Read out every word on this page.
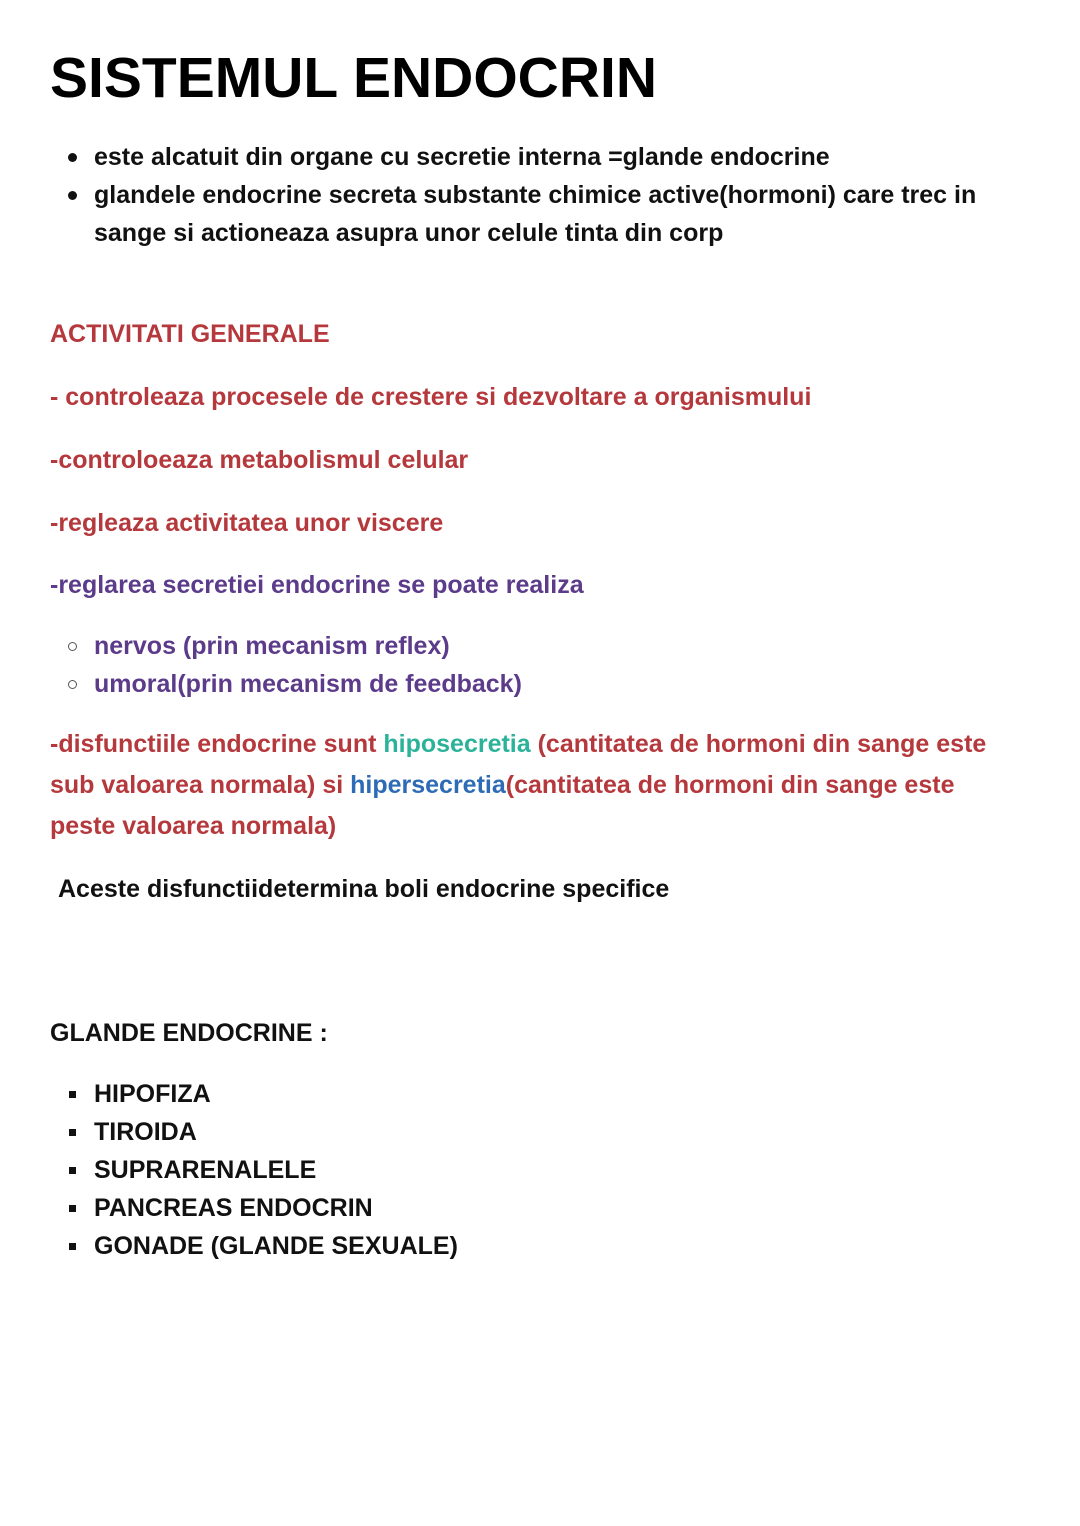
SISTEMUL ENDOCRIN
este alcatuit din organe cu secretie interna =glande endocrine
glandele endocrine secreta substante chimice active(hormoni) care trec in sange si actioneaza asupra unor celule tinta din corp
ACTIVITATI GENERALE
- controleaza procesele de crestere si dezvoltare a organismului
-controloeaza metabolismul celular
-regleaza activitatea unor viscere
-reglarea secretiei endocrine se poate realiza
nervos (prin mecanism reflex)
umoral(prin mecanism de feedback)
-disfunctiile endocrine sunt hiposecretia (cantitatea de hormoni din sange este sub valoarea normala) si hipersecretia(cantitatea de hormoni din sange este peste valoarea normala)
Aceste disfunctiidetermina boli endocrine specifice
GLANDE ENDOCRINE :
HIPOFIZA
TIROIDA
SUPRARENALELE
PANCREAS ENDOCRIN
GONADE (GLANDE SEXUALE)
